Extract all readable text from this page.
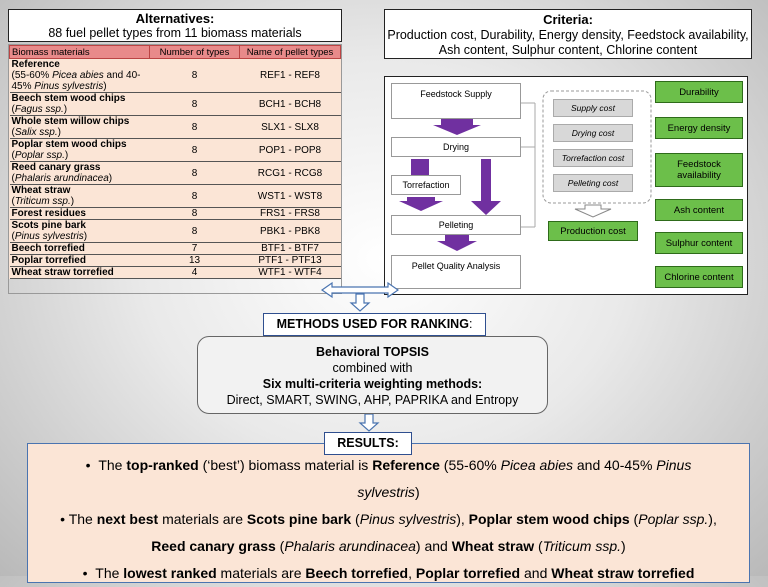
Alternatives:
88 fuel pellet types from 11 biomass materials
Biomass materials	Number of types	Name of pellet types
Reference
(55-60% Picea abies and 40-45% Pinus sylvestris)	8	REF1 - REF8
Beech stem wood chips
(Fagus ssp.)	8	BCH1 - BCH8
Whole stem willow chips
(Salix ssp.)	8	SLX1 - SLX8
Poplar stem wood chips
(Poplar ssp.)	8	POP1 - POP8
Reed canary grass
(Phalaris arundinacea)	8	RCG1 - RCG8
Wheat straw
(Triticum ssp.)	8	WST1 - WST8
Forest residues	8	FRS1 - FRS8
Scots pine bark
(Pinus sylvestris)	8	PBK1 - PBK8
Beech torrefied	7	BTF1 - BTF7
Poplar torrefied	13	PTF1 - PTF13
Wheat straw torrefied	4	WTF1 - WTF4
Criteria:
Production cost, Durability, Energy density, Feedstock availability, Ash content, Sulphur content, Chlorine content
Feedstock Supply
Drying
Torrefaction
Pelleting
Pellet Quality Analysis
Supply cost
Drying cost
Torrefaction cost
Pelleting cost
Production cost
Durability
Energy density
Feedstock availability
Ash content
Sulphur content
Chlorine content
METHODS USED FOR RANKING:
Behavioral TOPSIS
combined with
Six multi-criteria weighting methods:
Direct, SMART, SWING, AHP, PAPRIKA and Entropy
•  The top-ranked (‘best’) biomass material is Reference (55-60% Picea abies and 40-45% Pinus sylvestris)
• The next best materials are Scots pine bark (Pinus sylvestris), Poplar stem wood chips (Poplar ssp.), Reed canary grass (Phalaris arundinacea) and Wheat straw (Triticum ssp.)
•  The lowest ranked materials are Beech torrefied, Poplar torrefied and Wheat straw torrefied
RESULTS:
